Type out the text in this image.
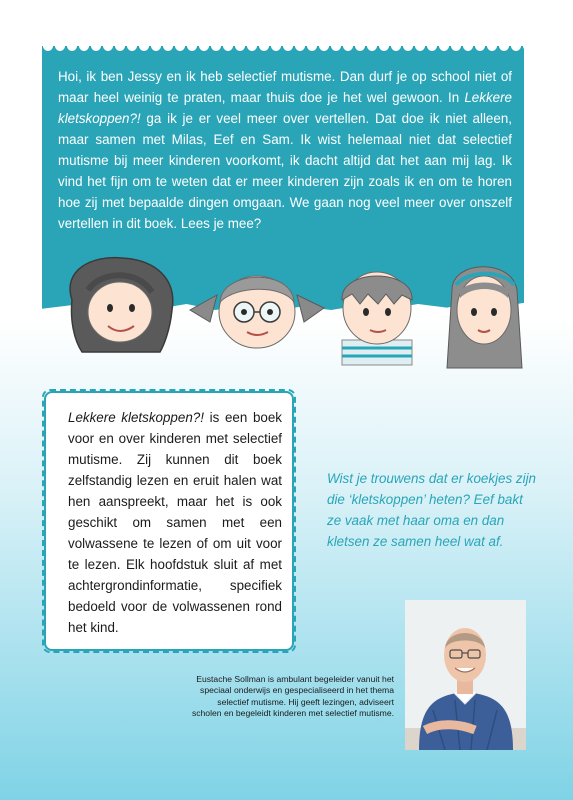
Hoi, ik ben Jessy en ik heb selectief mutisme. Dan durf je op school niet of maar heel weinig te praten, maar thuis doe je het wel gewoon. In Lekkere kletskoppen?! ga ik je er veel meer over vertellen. Dat doe ik niet alleen, maar samen met Milas, Eef en Sam. Ik wist helemaal niet dat selectief mutisme bij meer kinderen voorkomt, ik dacht altijd dat het aan mij lag. Ik vind het fijn om te weten dat er meer kinderen zijn zoals ik en om te horen hoe zij met bepaalde dingen omgaan. We gaan nog veel meer over onszelf vertellen in dit boek. Lees je mee?

Lekkere kletskoppen?! is een boek voor en over kinderen met selectief mutisme. Zij kunnen dit boek zelfstandig lezen en eruit halen wat hen aanspreekt, maar het is ook geschikt om samen met een volwassene te lezen of om uit voor te lezen. Elk hoofdstuk sluit af met achtergrondinformatie, specifiek bedoeld voor de volwassenen rond het kind.

Wist je trouwens dat er koekjes zijn die ‘kletskoppen’ heten? Eef bakt ze vaak met haar oma en dan kletsen ze samen heel wat af.

Eustache Sollman is ambulant begeleider vanuit het speciaal onderwijs en gespecialiseerd in het thema selectief mutisme. Hij geeft lezingen, adviseert scholen en begeleidt kinderen met selectief mutisme.
